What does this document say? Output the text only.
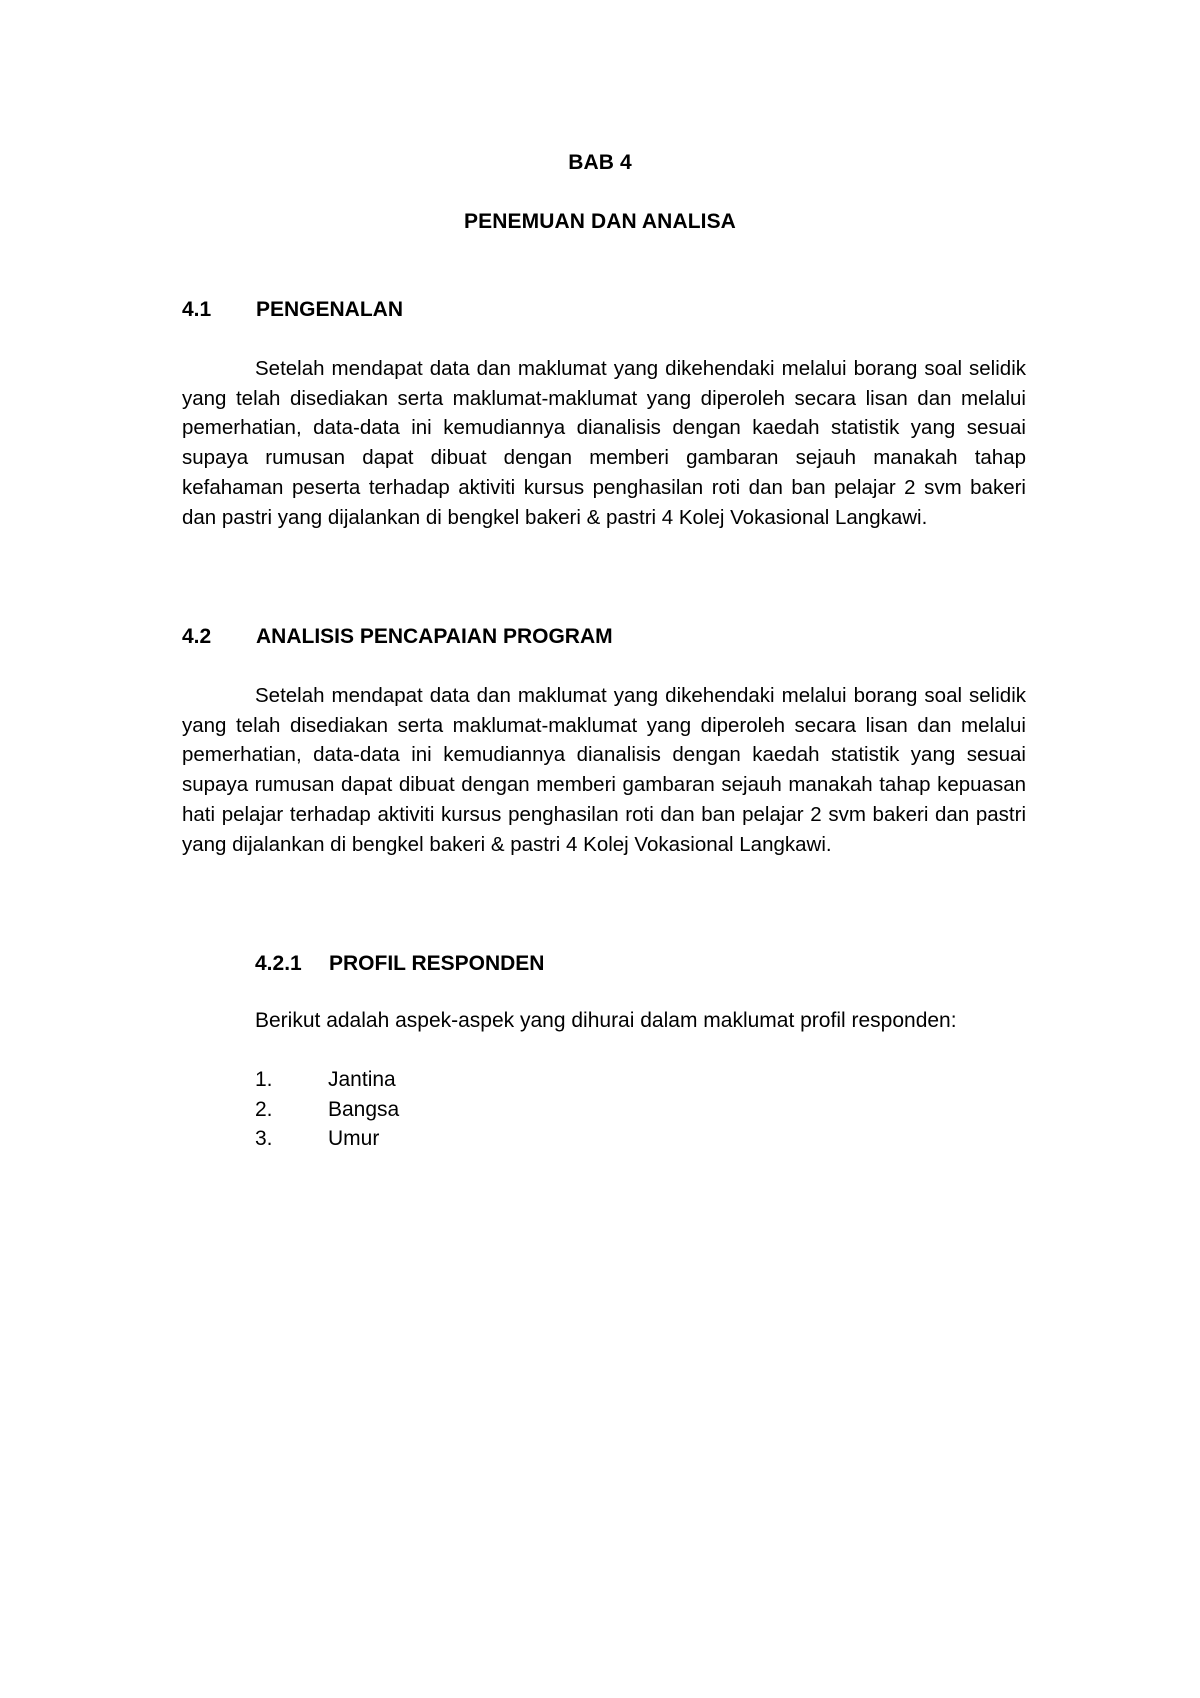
BAB 4
PENEMUAN DAN ANALISA
4.1 PENGENALAN

Setelah mendapat data dan maklumat yang dikehendaki melalui borang soal selidik yang telah disediakan serta maklumat-maklumat yang diperoleh secara lisan dan melalui pemerhatian, data-data ini kemudiannya dianalisis dengan kaedah statistik yang sesuai supaya rumusan dapat dibuat dengan memberi gambaran sejauh manakah tahap kefahaman peserta terhadap aktiviti kursus penghasilan roti dan ban pelajar 2 svm bakeri dan pastri yang dijalankan di bengkel bakeri & pastri 4 Kolej Vokasional Langkawi.

4.2 ANALISIS PENCAPAIAN PROGRAM

Setelah mendapat data dan maklumat yang dikehendaki melalui borang soal selidik yang telah disediakan serta maklumat-maklumat yang diperoleh secara lisan dan melalui pemerhatian, data-data ini kemudiannya dianalisis dengan kaedah statistik yang sesuai supaya rumusan dapat dibuat dengan memberi gambaran sejauh manakah tahap kepuasan hati pelajar terhadap aktiviti kursus penghasilan roti dan ban pelajar 2 svm bakeri dan pastri yang dijalankan di bengkel bakeri & pastri 4 Kolej Vokasional Langkawi.

4.2.1 PROFIL RESPONDEN
Berikut adalah aspek-aspek yang dihurai dalam maklumat profil responden:
1.	Jantina
2.	Bangsa
3.	Umur
